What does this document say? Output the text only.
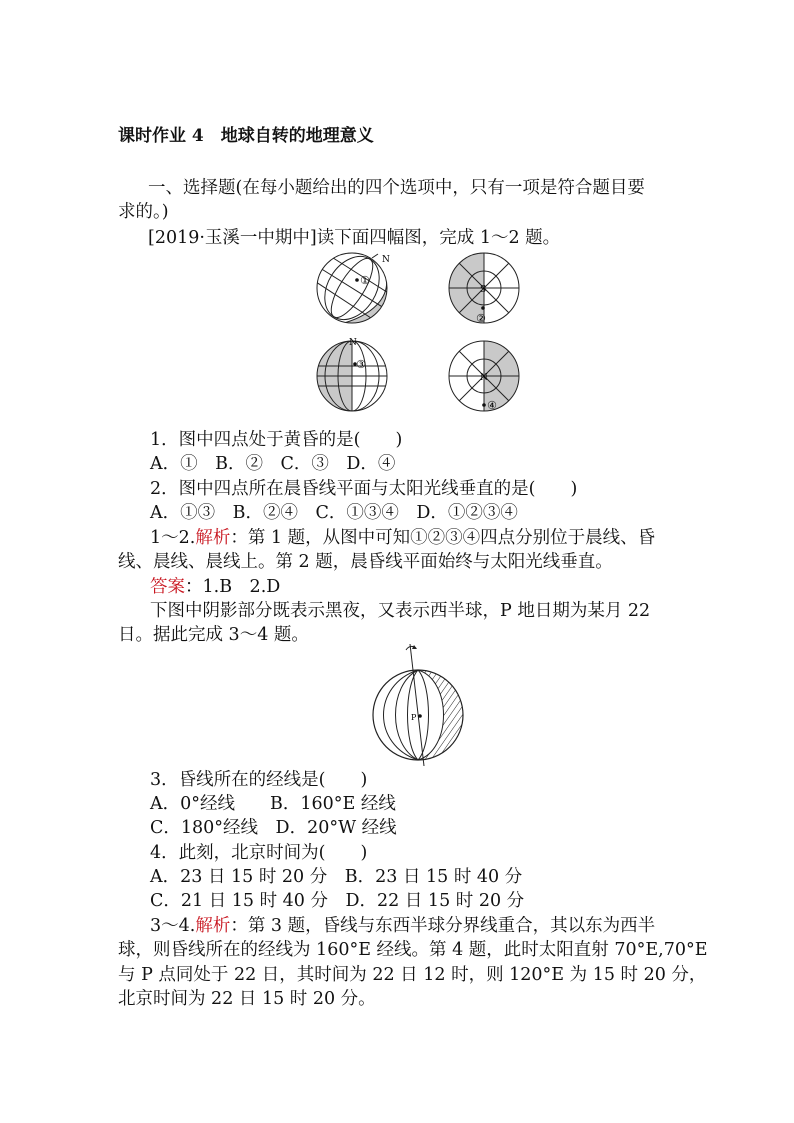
课时作业 4　地球自转的地理意义
一、选择题(在每小题给出的四个选项中，只有一项是符合题目要
求的。)
[2019·玉溪一中期中]读下面四幅图，完成 1～2 题。
N
①
S
②
N
③
N
④
1．图中四点处于黄昏的是(　　)
A．①　B．②　C．③　D．④
2．图中四点所在晨昏线平面与太阳光线垂直的是(　　)
A．①③　B．②④　C．①③④　D．①②③④
1～2.解析：第 1 题，从图中可知①②③④四点分别位于晨线、昏
线、晨线、晨线上。第 2 题，晨昏线平面始终与太阳光线垂直。
答案：1.B　2.D
下图中阴影部分既表示黑夜，又表示西半球，P 地日期为某月 22
日。据此完成 3～4 题。
P
3．昏线所在的经线是(　　)
A．0°经线　　B．160°E 经线
C．180°经线　D．20°W 经线
4．此刻，北京时间为(　　)
A．23 日 15 时 20 分　B．23 日 15 时 40 分
C．21 日 15 时 40 分　D．22 日 15 时 20 分
3～4.解析：第 3 题，昏线与东西半球分界线重合，其以东为西半
球，则昏线所在的经线为 160°E 经线。第 4 题，此时太阳直射 70°E,70°E
与 P 点同处于 22 日，其时间为 22 日 12 时，则 120°E 为 15 时 20 分，
北京时间为 22 日 15 时 20 分。
